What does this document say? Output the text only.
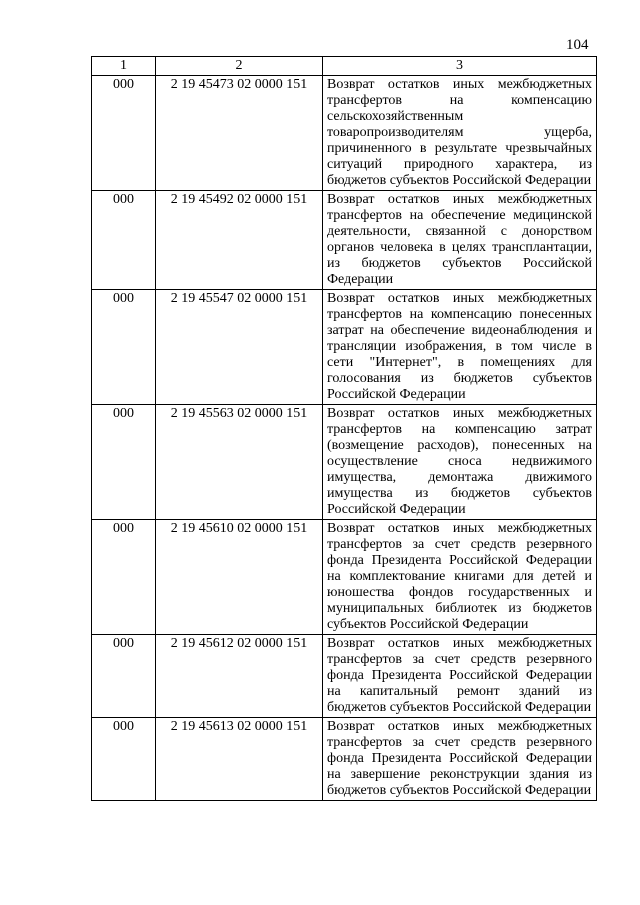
104
1	2	3
000	2 19 45473 02 0000 151	Возврат остатков иных межбюджетных трансфертов на компенсацию сельскохозяйственным товаропроизводителям ущерба, причиненного в результате чрезвычайных ситуаций природного характера, из бюджетов субъектов Российской Федерации
000	2 19 45492 02 0000 151	Возврат остатков иных межбюджетных трансфертов на обеспечение медицинской деятельности, связанной с донорством органов человека в целях трансплантации, из бюджетов субъектов Российской Федерации
000	2 19 45547 02 0000 151	Возврат остатков иных межбюджетных трансфертов на компенсацию понесенных затрат на обеспечение видеонаблюдения и трансляции изображения, в том числе в сети "Интернет", в помещениях для голосования из бюджетов субъектов Российской Федерации
000	2 19 45563 02 0000 151	Возврат остатков иных межбюджетных трансфертов на компенсацию затрат (возмещение расходов), понесенных на осуществление сноса недвижимого имущества, демонтажа движимого имущества из бюджетов субъектов Российской Федерации
000	2 19 45610 02 0000 151	Возврат остатков иных межбюджетных трансфертов за счет средств резервного фонда Президента Российской Федерации на комплектование книгами для детей и юношества фондов государственных и муниципальных библиотек из бюджетов субъектов Российской Федерации
000	2 19 45612 02 0000 151	Возврат остатков иных межбюджетных трансфертов за счет средств резервного фонда Президента Российской Федерации на капитальный ремонт зданий из бюджетов субъектов Российской Федерации
000	2 19 45613 02 0000 151	Возврат остатков иных межбюджетных трансфертов за счет средств резервного фонда Президента Российской Федерации на завершение реконструкции здания из бюджетов субъектов Российской Федерации
